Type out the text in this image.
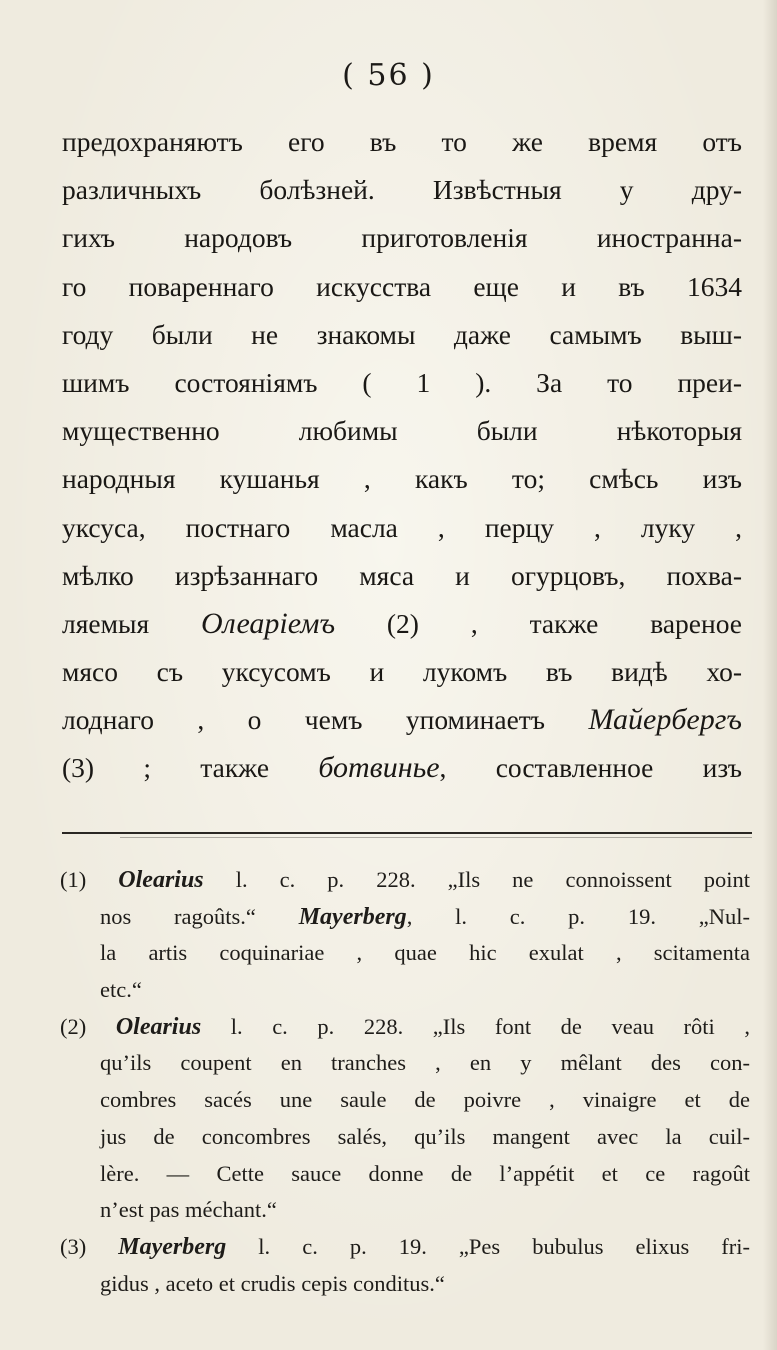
( 56 )
предохраняютъ его въ то же время отъ
различныхъ болѣзней. Извѣстныя у дру-
гихъ народовъ приготовленія иностранна-
го повареннаго искусства еще и въ 1634
году были не знакомы даже самымъ выш-
шимъ состояніямъ ( 1 ). За то преи-
мущественно любимы были нѣкоторыя
народныя кушанья , какъ то; смѣсь изъ
уксуса, постнаго масла , перцу , луку ,
мѣлко изрѣзаннаго мяса и огурцовъ, похва-
ляемыя Олеаріемъ (2) , также вареное
мясо съ уксусомъ и лукомъ въ видѣ хо-
лоднаго , о чемъ упоминаетъ Майербергъ
(3) ; также ботвинье, составленное изъ
(1) Olearius l. c. p. 228. „Ils ne connoissent point
nos ragoûts.“ Mayerberg, l. c. p. 19. „Nul-
la artis coquinariae , quae hic exulat , scitamenta
etc.“
(2) Olearius l. c. p. 228. „Ils font de veau rôti ,
qu’ils coupent en tranches , en y mêlant des con-
combres sacés une saule de poivre , vinaigre et de
jus de concombres salés, qu’ils mangent avec la cuil-
lère. — Cette sauce donne de l’appétit et ce ragoût
n’est pas méchant.“
(3) Mayerberg l. c. p. 19. „Pes bubulus elixus fri-
gidus , aceto et crudis cepis conditus.“
